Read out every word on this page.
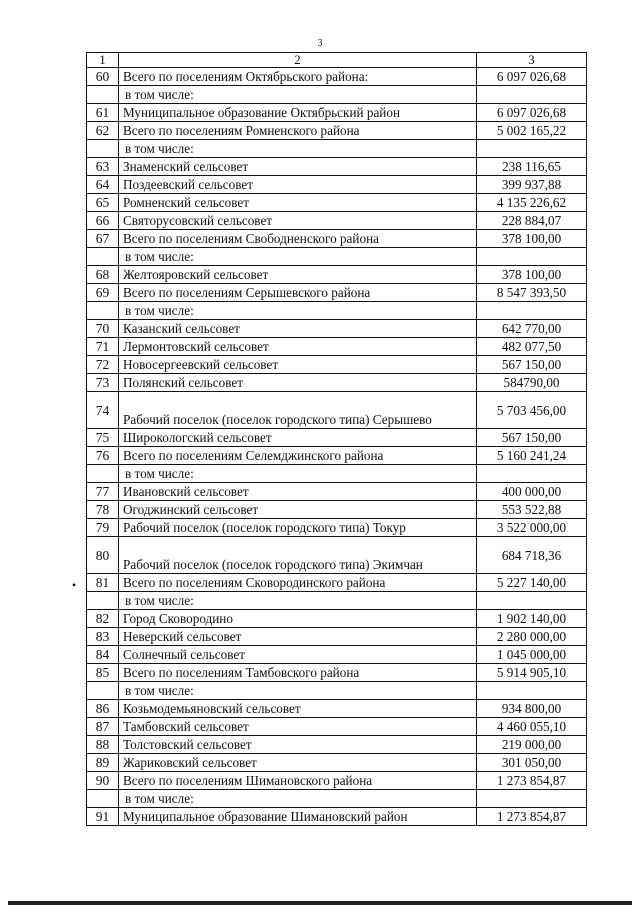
3
1	2	3
60	Всего по поселениям Октябрьского района:	6 097 026,68
	в том числе:	
61	Муниципальное образование Октябрьский район	6 097 026,68
62	Всего по поселениям Ромненского района	5 002 165,22
	в том числе:	
63	Знаменский сельсовет	238 116,65
64	Поздеевский сельсовет	399 937,88
65	Ромненский сельсовет	4 135 226,62
66	Святорусовский сельсовет	228 884,07
67	Всего по поселениям Свободненского района	378 100,00
	в том числе:	
68	Желтояровский сельсовет	378 100,00
69	Всего по поселениям Серышевского района	8 547 393,50
	в том числе:	
70	Казанский сельсовет	642 770,00
71	Лермонтовский сельсовет	482 077,50
72	Новосергеевский сельсовет	567 150,00
73	Полянский сельсовет	584790,00
74	Рабочий поселок (поселок городского типа) Серышево	5 703 456,00
75	Широкологский сельсовет	567 150,00
76	Всего по поселениям Селемджинского района	5 160 241,24
	в том числе:	
77	Ивановский сельсовет	400 000,00
78	Огоджинский сельсовет	553 522,88
79	Рабочий поселок (поселок городского типа) Токур	3 522 000,00
80	Рабочий поселок (поселок городского типа) Экимчан	684 718,36
81	Всего по поселениям Сковородинского района	5 227 140,00
	в том числе:	
82	Город Сковородино	1 902 140,00
83	Неверский сельсовет	2 280 000,00
84	Солнечный сельсовет	1 045 000,00
85	Всего по поселениям Тамбовского района	5 914 905,10
	в том числе:	
86	Козьмодемьяновский сельсовет	934 800,00
87	Тамбовский сельсовет	4 460 055,10
88	Толстовский сельсовет	219 000,00
89	Жариковский сельсовет	301 050,00
90	Всего по поселениям Шимановского района	1 273 854,87
	в том числе:	
91	Муниципальное образование Шимановский район	1 273 854,87
•
